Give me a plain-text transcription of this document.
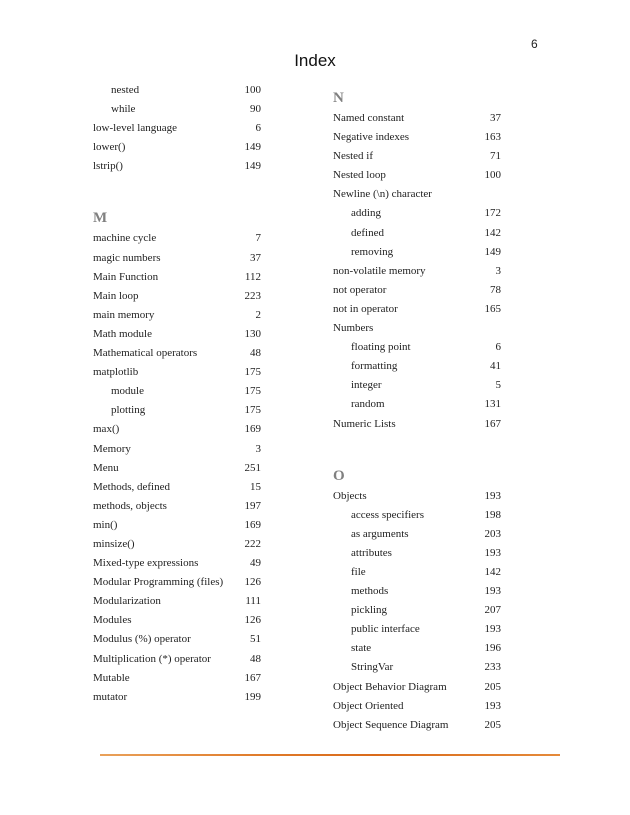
6
Index
nested	100
while	90
low-level language	6
lower()	149
lstrip()	149
M
machine cycle	7
magic numbers	37
Main Function	112
Main loop	223
main memory	2
Math module	130
Mathematical operators	48
matplotlib	175
module	175
plotting	175
max()	169
Memory	3
Menu	251
Methods, defined	15
methods, objects	197
min()	169
minsize()	222
Mixed-type expressions	49
Modular Programming (files) 126
Modularization	111
Modules	126
Modulus (%) operator	51
Multiplication (*) operator	48
Mutable	167
mutator	199
N
Named constant	37
Negative indexes	163
Nested if	71
Nested loop	100
Newline (\n) character
adding	172
defined	142
removing	149
non-volatile memory	3
not operator	78
not in operator	165
Numbers
floating point	6
formatting	41
integer	5
random	131
Numeric Lists	167
O
Objects	193
access specifiers	198
as arguments	203
attributes	193
file	142
methods	193
pickling	207
public interface	193
state	196
StringVar	233
Object Behavior Diagram	205
Object Oriented	193
Object Sequence Diagram	205
